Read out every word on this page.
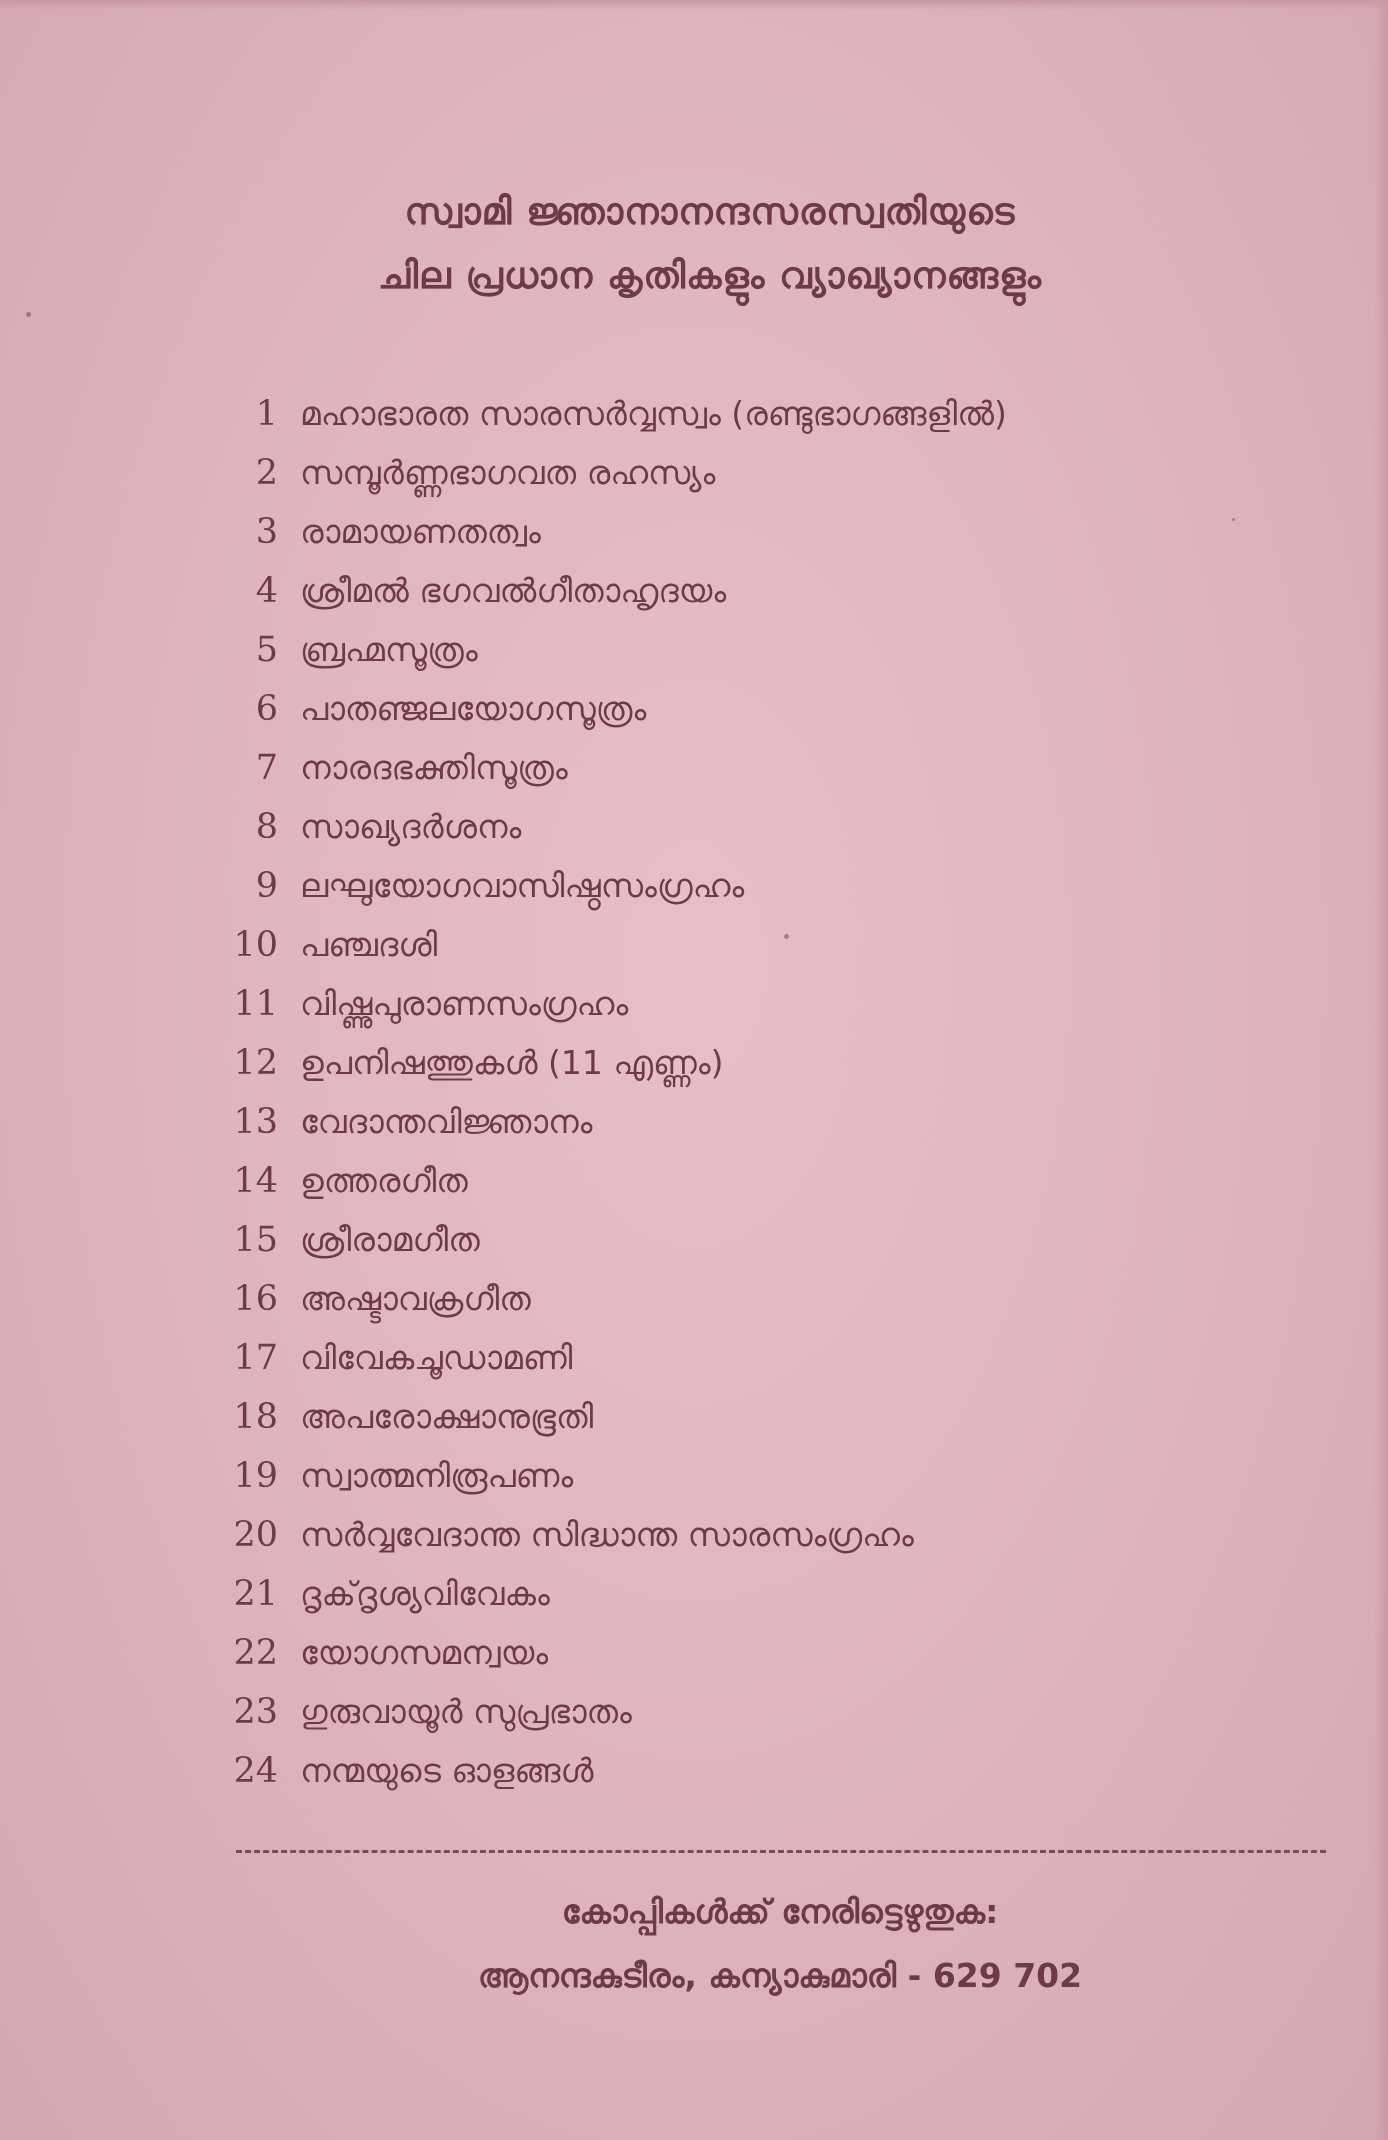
സ്വാമി ജ്ഞാനാനന്ദസരസ്വതിയുടെ
ചില പ്രധാന കൃതികളും വ്യാഖ്യാനങ്ങളും
1 മഹാഭാരത സാരസർവ്വസ്വം (രണ്ടുഭാഗങ്ങളിൽ)
2 സമ്പൂർണ്ണഭാഗവത രഹസ്യം
3 രാമായണതത്വം
4 ശ്രീമൽ ഭഗവൽഗീതാഹൃദയം
5 ബ്രഹ്മസൂത്രം
6 പാതഞ്ജലയോഗസൂത്രം
7 നാരദഭക്തിസൂത്രം
8 സാഖ്യദർശനം
9 ലഘുയോഗവാസിഷ്ഠസംഗ്രഹം
10 പഞ്ചദശി
11 വിഷ്ണുപുരാണസംഗ്രഹം
12 ഉപനിഷത്തുകൾ (11 എണ്ണം)
13 വേദാന്തവിജ്ഞാനം
14 ഉത്തരഗീത
15 ശ്രീരാമഗീത
16 അഷ്ടാവക്രഗീത
17 വിവേകചൂഡാമണി
18 അപരോക്ഷാനുഭൂതി
19 സ്വാത്മനിരൂപണം
20 സർവ്വവേദാന്ത സിദ്ധാന്ത സാരസംഗ്രഹം
21 ദൃക്ദൃശ്യവിവേകം
22 യോഗസമന്വയം
23 ഗുരുവായൂർ സുപ്രഭാതം
24 നന്മയുടെ ഓളങ്ങൾ
കോപ്പികൾക്ക് നേരിട്ടെഴുതുക:
ആനന്ദകുടീരം, കന്യാകുമാരി - 629 702
